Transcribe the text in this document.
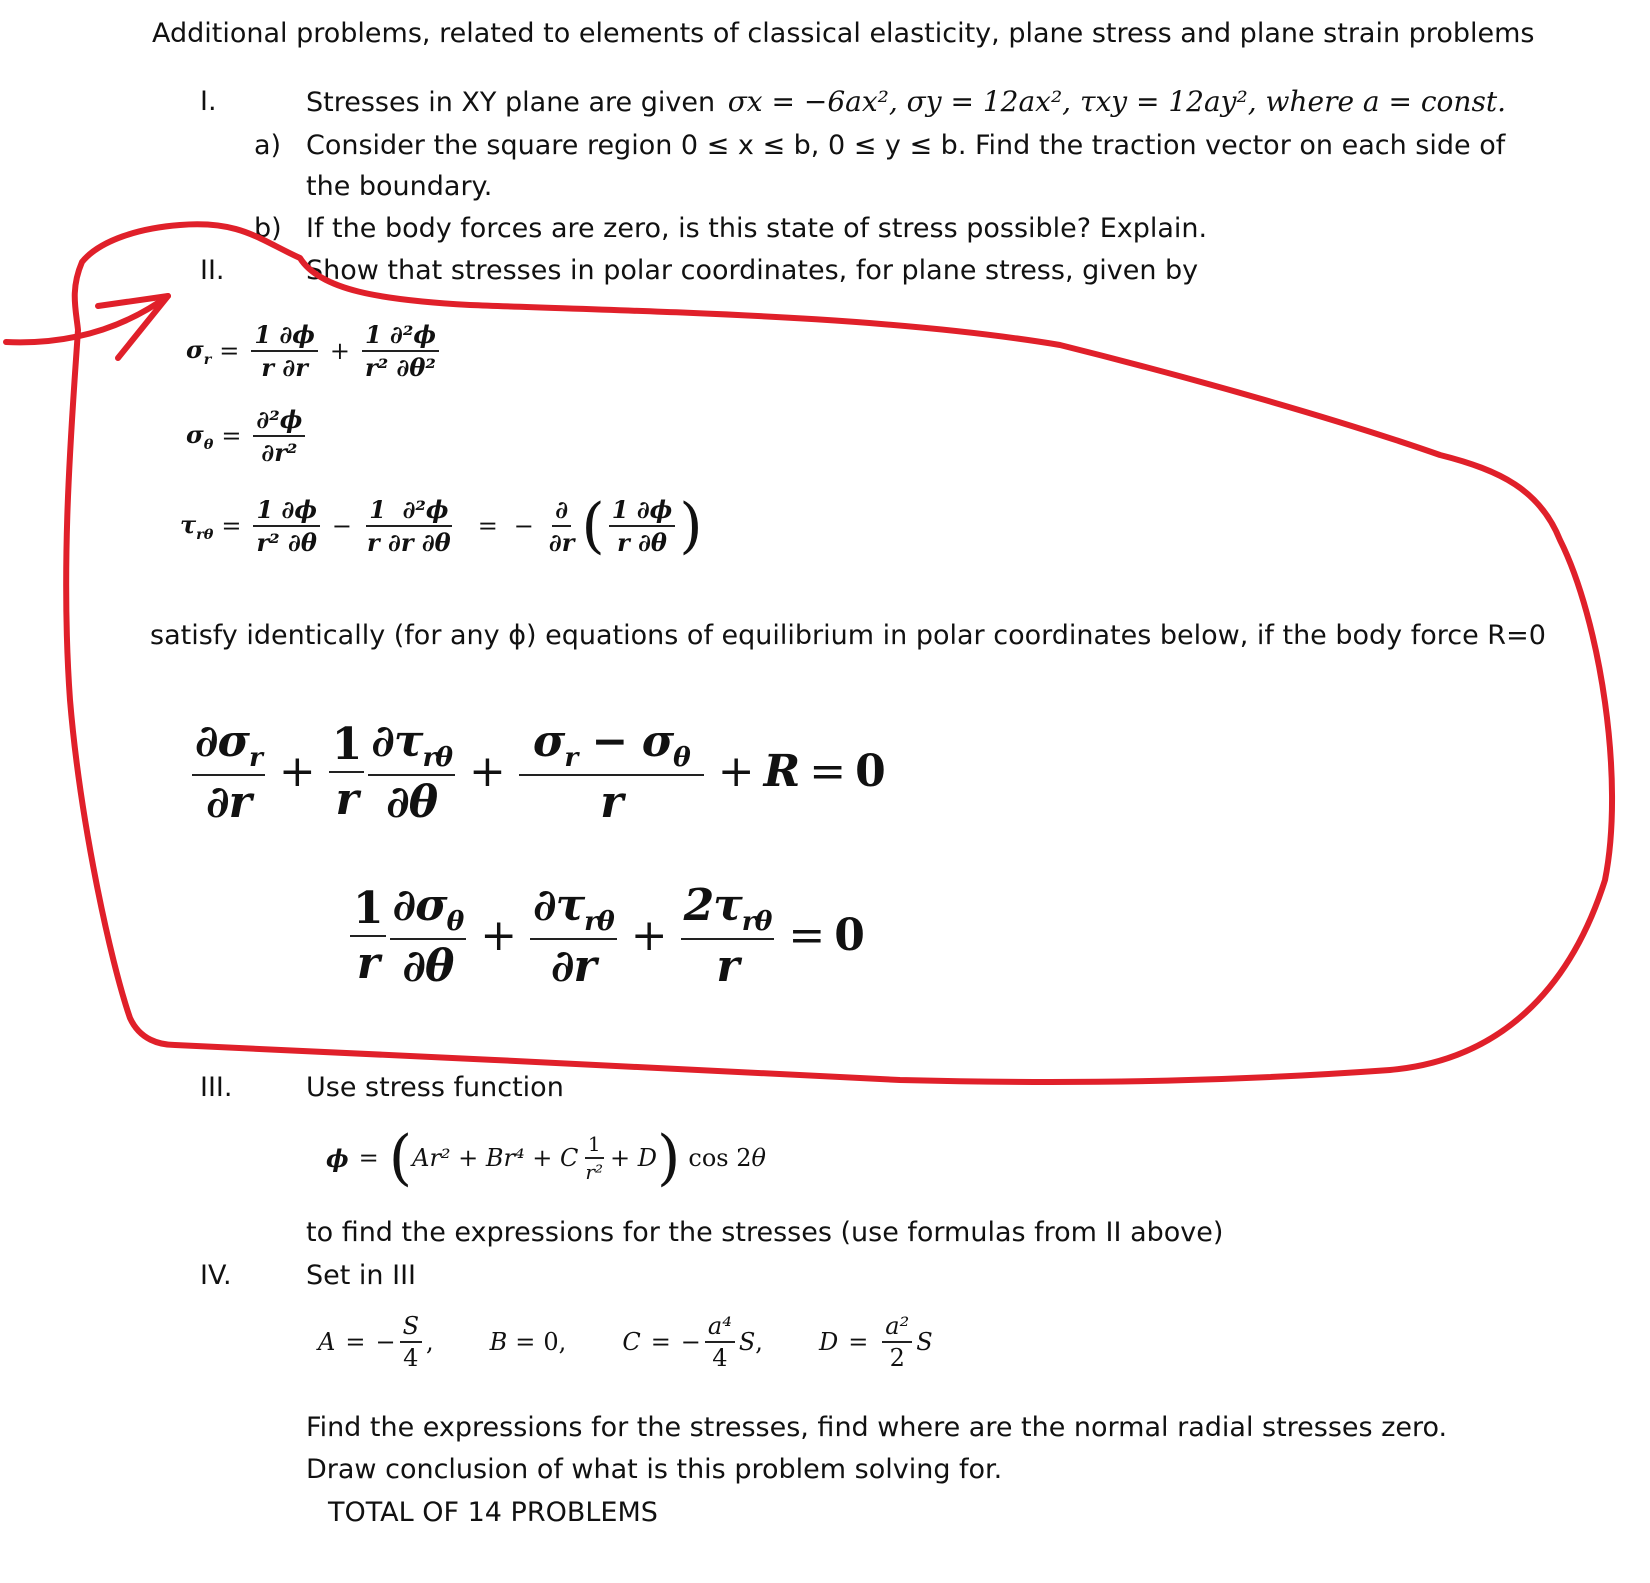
Additional problems, related to elements of classical elasticity, plane stress and plane strain problems
I.	Stresses in XY plane are given σx = −6ax², σy = 12ax², τxy = 12ay², where a = const.
a) Consider the square region 0 ≤ x ≤ b, 0 ≤ y ≤ b. Find the traction vector on each side of
the boundary.
b) If the body forces are zero, is this state of stress possible? Explain.
II.	Show that stresses in polar coordinates, for plane stress, given by
$\sigma_r = \frac{1 \partial\phi}{r \partial r} + \frac{\text{1 ∂²ϕ}}{\text{r² ∂θ²}}$
$\sigma_\theta = \frac{\text{∂²ϕ}}{\text{∂r²}}$
$\tau_{r\theta} = \frac{1 \partial\phi}{\text{r² ∂θ}} - \frac{\text{1  ∂²ϕ}}{r \partial r \partial\theta}$ = − $\frac{\partial}{\partial r}$ ( $\frac{1 \partial\phi}{r \partial\theta}$ )
satisfy identically (for any ϕ) equations of equilibrium in polar coordinates below, if the body force R=0
$\frac{\partial\sigma_r}{\partial r} + \frac{1}{r} \frac{\partial\tau_{r\theta}}{\partial\theta} + \frac{\sigma_r - \sigma_\theta}{r} + R = 0$
$\frac{1}{r} \frac{\partial\sigma_\theta}{\partial\theta} + \frac{\partial\tau_{r\theta}}{\partial r} + \frac{2\tau_{r\theta}}{r} = 0$
III.	Use stress function
ϕ = ( Ar² + Br⁴ + C $\frac{1}{\text{r²}} + D$ ) cos 2θ
to find the expressions for the stresses (use formulas from II above)
IV.	Set in III
A = − $\frac{S}{4}$ , B = 0, C = − $\frac{\text{a⁴}}{4}$ S , $D = \frac{\text{a²}}{2}$ S
Find the expressions for the stresses, find where are the normal radial stresses zero.
Draw conclusion of what is this problem solving for.
TOTAL OF 14 PROBLEMS
